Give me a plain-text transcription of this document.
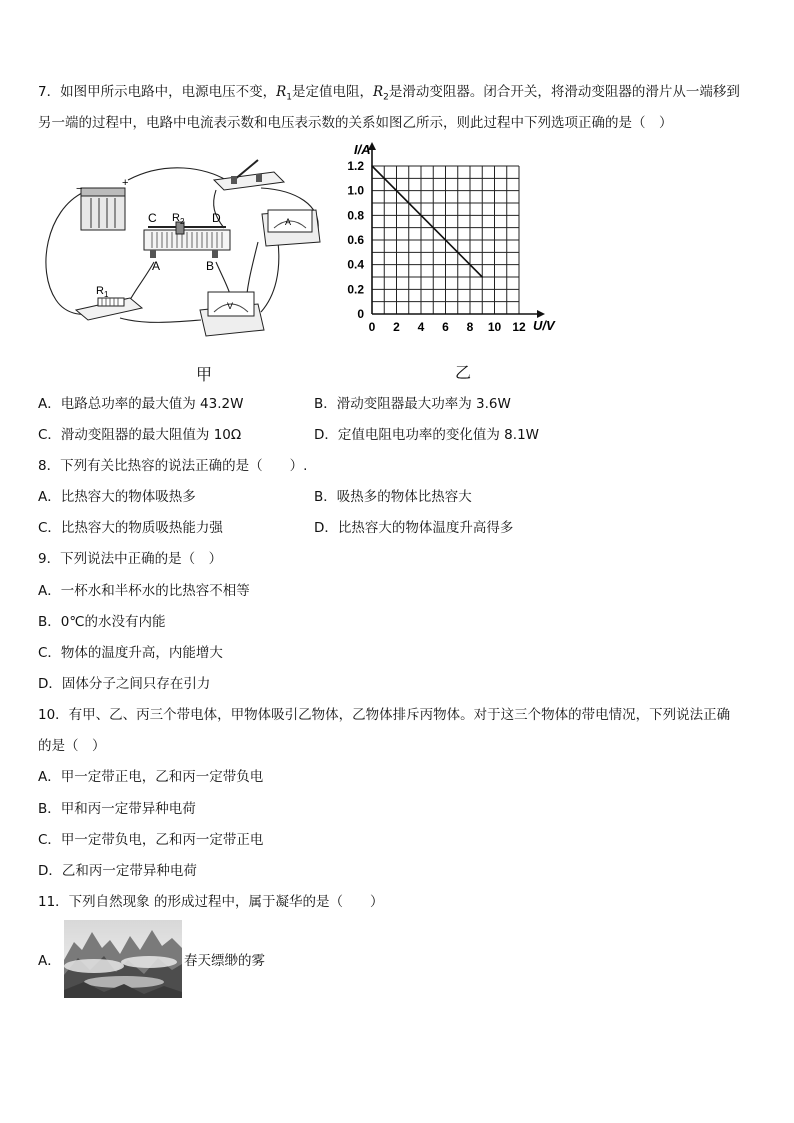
7．如图甲所示电路中，电源电压不变，$R_1$是定值电阻，$R_2$是滑动变阻器。闭合开关，将滑动变阻器的滑片从一端移到
另一端的过程中，电路中电流表示数和电压表示数的关系如图乙所示，则此过程中下列选项正确的是（　）
−	+
C $R_2$ D
A	B
A
$R_1$
V
甲
0 2 4 6 8 10 12
0
0.2
0.4
0.6
0.8
1.0
1.2
U/V
I/A
乙
A．电路总功率的最大值为 43.2W	B．滑动变阻器最大功率为 3.6W
C．滑动变阻器的最大阻值为 10Ω	D．定值电阻电功率的变化值为 8.1W
8．下列有关比热容的说法正确的是（　　）.
A．比热容大的物体吸热多	B．吸热多的物体比热容大
C．比热容大的物质吸热能力强	D．比热容大的物体温度升高得多
9．下列说法中正确的是（　）
A．一杯水和半杯水的比热容不相等
B．0℃的水没有内能
C．物体的温度升高，内能增大
D．固体分子之间只存在引力
10．有甲、乙、丙三个带电体，甲物体吸引乙物体，乙物体排斥丙物体。对于这三个物体的带电情况，下列说法正确
的是（　）
A．甲一定带正电，乙和丙一定带负电
B．甲和丙一定带异种电荷
C．甲一定带负电，乙和丙一定带正电
D．乙和丙一定带异种电荷
11．下列自然现象 的形成过程中，属于凝华的是（　　）
A．	春天缥缈的雾
